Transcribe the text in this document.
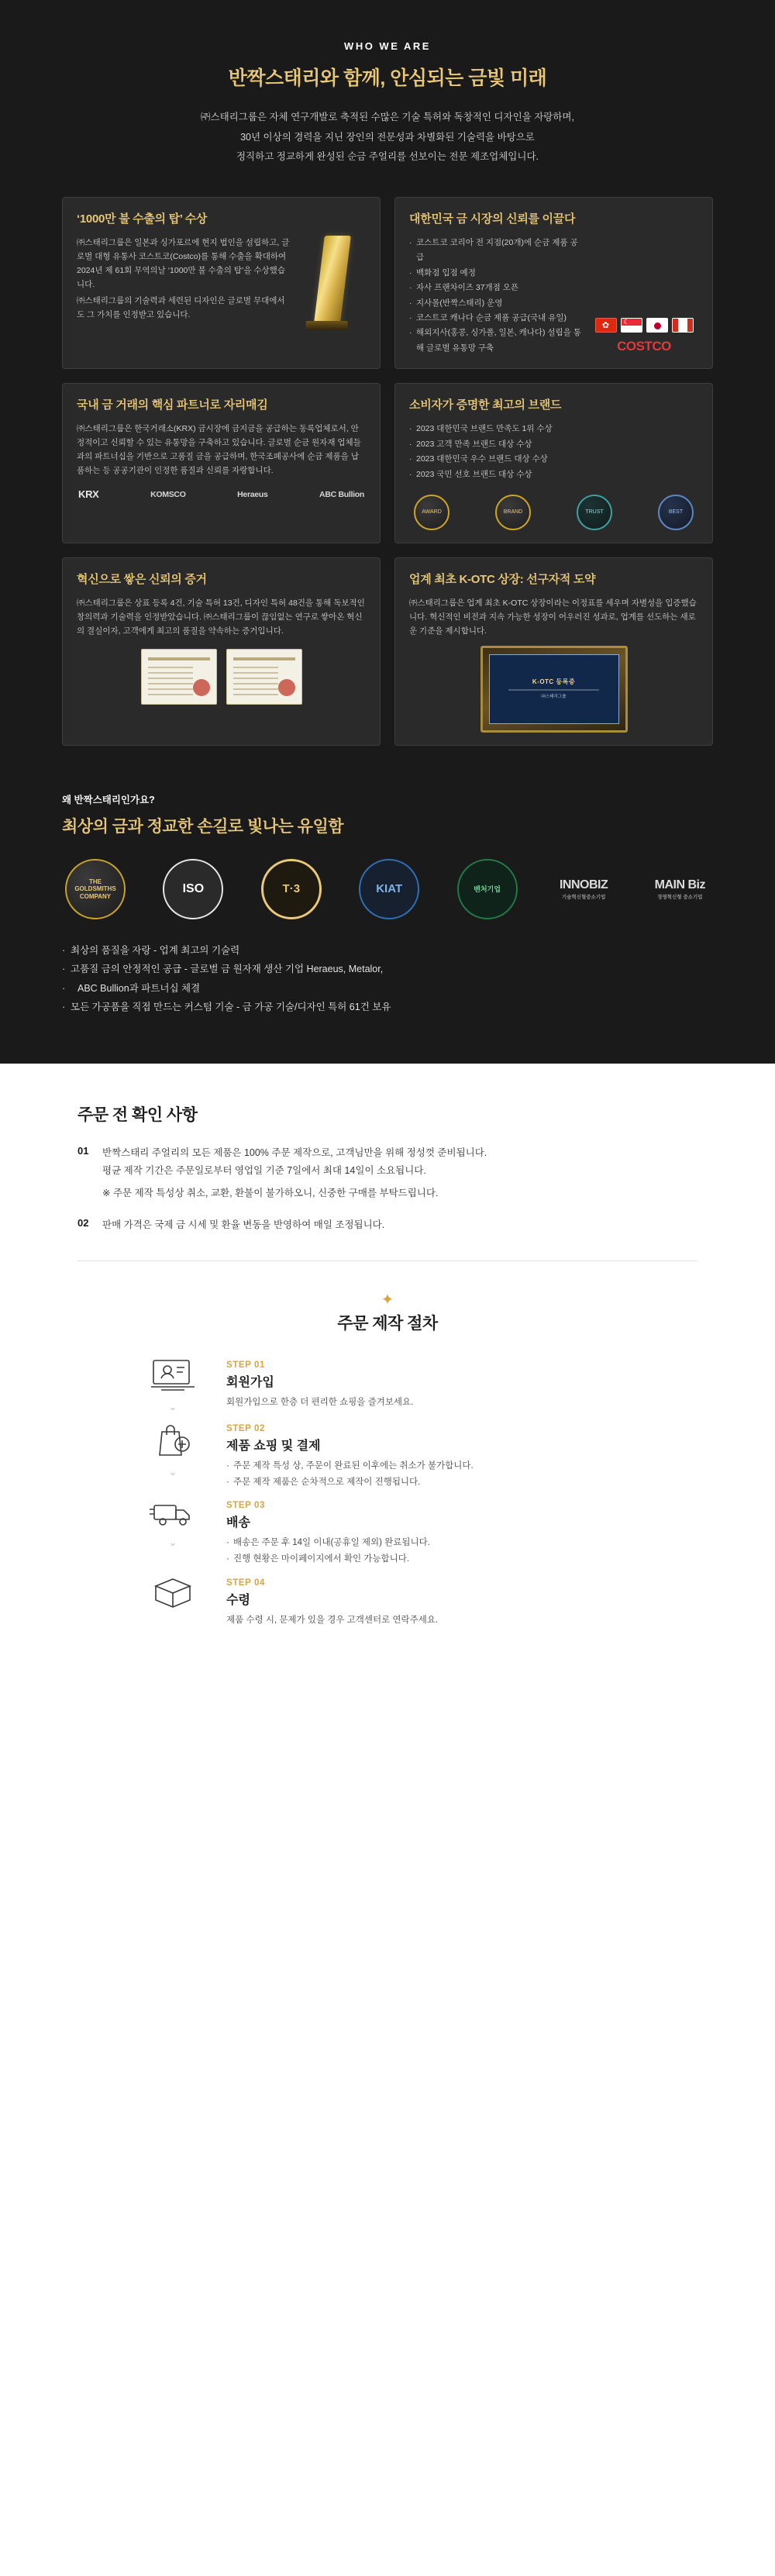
WHO WE ARE
반짝스태리와 함께, 안심되는 금빛 미래
㈜스태리그룹은 자체 연구개발로 축적된 수많은 기술 특허와 독창적인 디자인을 자랑하며,
30년 이상의 경력을 지닌 장인의 전문성과 차별화된 기술력을 바탕으로
정직하고 정교하게 완성된 순금 주얼리를 선보이는 전문 제조업체입니다.
‘1000만 불 수출의 탑’ 수상

㈜스태리그룹은 일본과 싱가포르에 현지 법인을 설립하고, 글로벌 대형 유통사 코스트코(Costco)를 통해 수출을 확대하여 2024년 제 61회 무역의날 ‘1000만 불 수출의 탑’을 수상했습니다.

㈜스태리그룹의 기술력과 세련된 디자인은 글로벌 무대에서도 그 가치를 인정받고 있습니다.

대한민국 금 시장의 신뢰를 이끌다
· 코스트코 코리아 전 지점(20개)에 순금 제품 공급
· 백화점 입점 예정
· 자사 프랜차이즈 37개점 오픈
· 지사몰(반짝스태리) 운영
· 코스트코 캐나다 순금 제품 공급(국내 유일)
· 해외지사(홍콩, 싱가폴, 일본, 캐나다) 설립을 통해 글로벌 유통망 구축
✿
☾	COSTCO
국내 금 거래의 핵심 파트너로 자리매김

㈜스태리그룹은 한국거래소(KRX) 금시장에 금지금을 공급하는 동록업체로서, 안정적이고 신뢰할 수 있는 유통망을 구축하고 있습니다. 글로벌 순금 원자재 업체들과의 파트너십을 기반으로 고품질 금을 공급하며, 한국조폐공사에 순금 제품을 납품하는 등 공공기관이 인정한 품질과 신뢰를 자랑합니다.

KRX	KOMSCO	Heraeus	ABC Bullion
소비자가 증명한 최고의 브랜드
· 2023 대한민국 브랜드 만족도 1위 수상
· 2023 고객 만족 브랜드 대상 수상
· 2023 대한민국 우수 브랜드 대상 수상
· 2023 국민 선호 브랜드 대상 수상
AWARD	BRAND	TRUST	BEST
혁신으로 쌓은 신뢰의 증거

㈜스태리그룹은 상표 등록 4건, 기술 특허 13건, 디자인 특허 48건을 통해 독보적인 창의력과 기술력을 인정받았습니다. ㈜스태리그룹이 끊임없는 연구로 쌓아온 혁신의 결실이자, 고객에게 최고의 품질을 약속하는 증거입니다.

업계 최초 K-OTC 상장: 선구자적 도약

㈜스태리그룹은 업계 최초 K-OTC 상장이라는 이정표를 세우며 자별성을 입증했습니다. 혁신적인 비전과 지속 가능한 성장이 어우러진 성과로, 업계를 선도하는 새로운 기준을 제시합니다.

K-OTC 등록증
㈜스태리그룹
왜 반짝스태리인가요?
최상의 금과 정교한 손길로 빛나는 유일함
THE GOLDSMITHS COMPANY
ISO	T·3	KIAT	벤처기업	INNOBIZ
기술혁신형중소기업
MAIN Biz
경영혁신형 중소기업
· 최상의 품질을 자랑 - 업계 최고의 기술력
· 고품질 금의 안정적인 공급 - 글로벌 금 원자재 생산 기업 Heraeus, Metalor,
· ABC Bullion과 파트너십 체결
· 모든 가공품을 직접 만드는 커스텀 기술 - 금 가공 기술/디자인 특허 61건 보유
주문 전 확인 사항
01	반짝스태리 주얼리의 모든 제품은 100% 주문 제작으로, 고객님만을 위해 정성껏 준비됩니다.

평균 제작 기간은 주문일로부터 영업일 기준 7일에서 최대 14일이 소요됩니다.

※ 주문 제작 특성상 취소, 교환, 환불이 불가하오니, 신중한 구매를 부탁드립니다.

02	판매 가격은 국제 금 시세 및 환율 변동을 반영하여 매일 조정됩니다.

✦
주문 제작 절차
⌄
STEP 01
회원가입
회원가입으로 한층 더 편리한 쇼핑을 즐겨보세요.
⌄
STEP 02
제품 쇼핑 및 결제
· 주문 제작 특성 상, 주문이 완료된 이후에는 취소가 불가합니다.
· 주문 제작 제품은 순차적으로 제작이 진행됩니다.
⌄
STEP 03
배송
· 배송은 주문 후 14일 이내(공휴일 제외) 완료됩니다.
· 진행 현황은 마이페이지에서 확인 가능합니다.
STEP 04
수령
제품 수령 시, 문제가 있을 경우 고객센터로 연락주세요.
